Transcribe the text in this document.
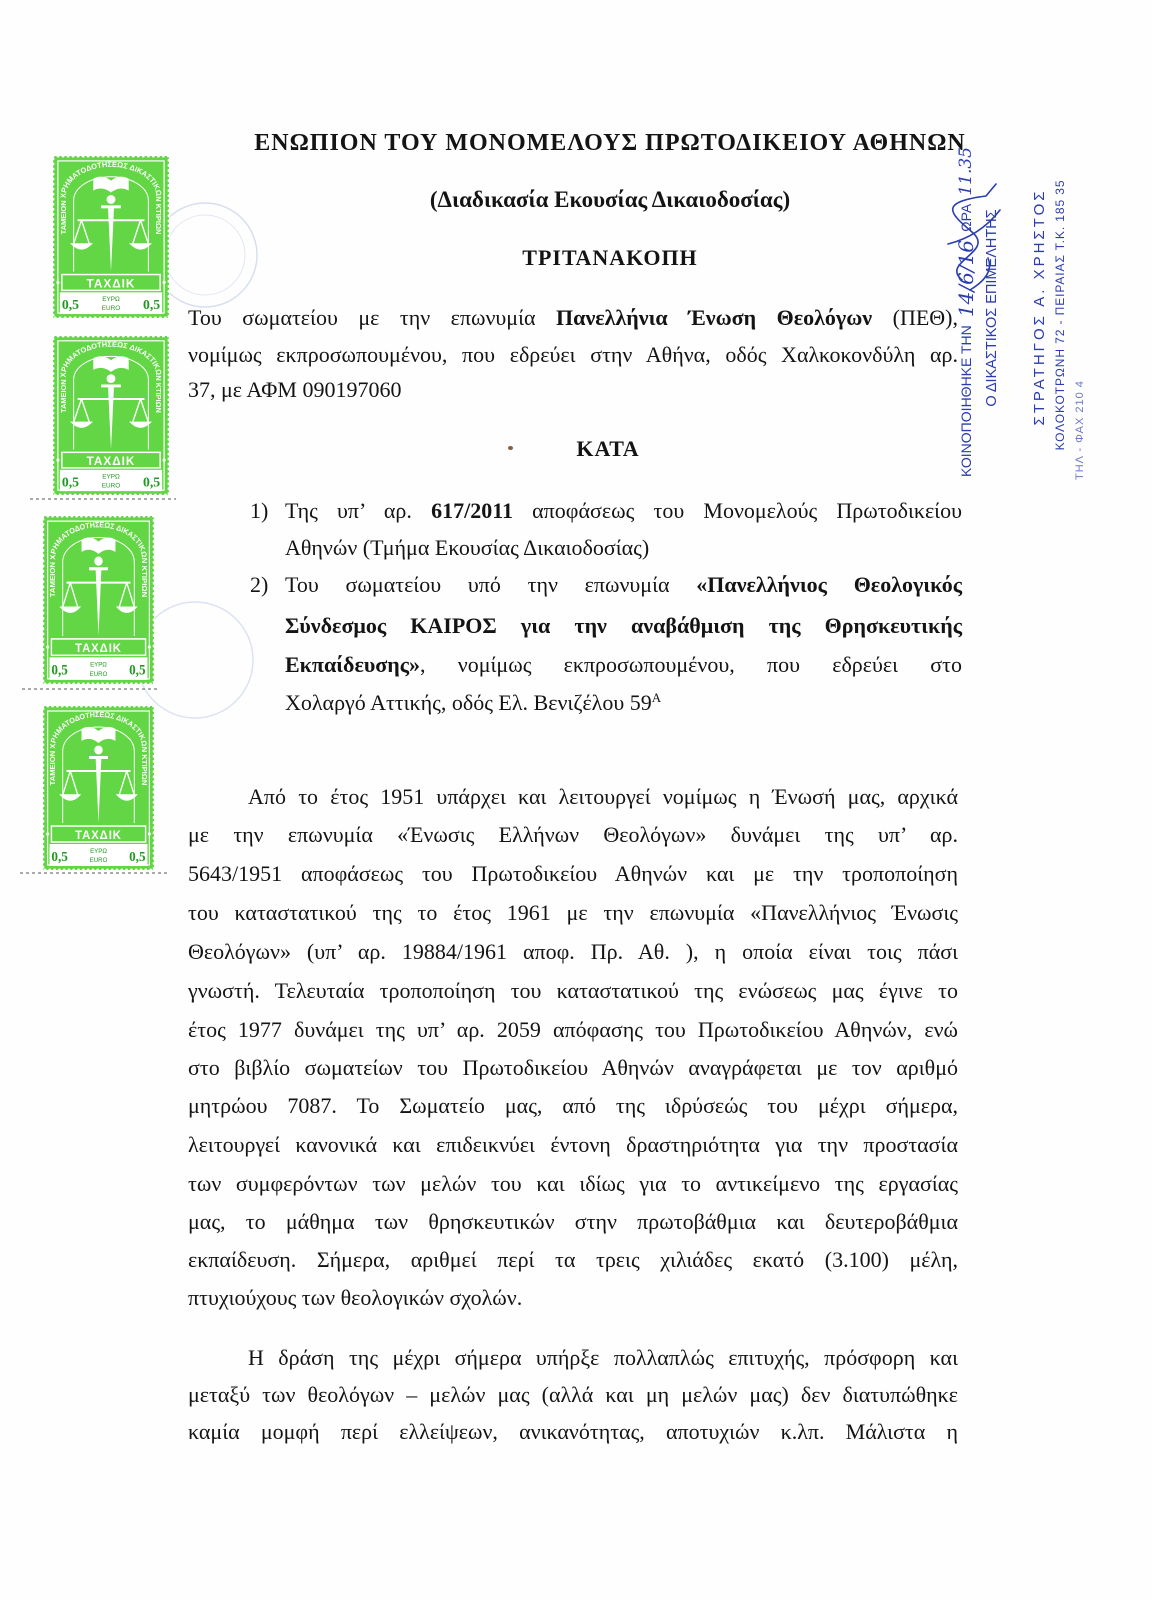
ΤΑΜΕΙΟΝ ΧΡΗΜΑΤΟΔΟΤΗΣΕΩΣ ΔΙΚΑΣΤΙΚΩΝ ΚΤΙΡΙΩΝ
ΤΑΧΔΙΚ
0,5	ΕΥΡΩ
EURO 0,5
ΤΑΜΕΙΟΝ ΧΡΗΜΑΤΟΔΟΤΗΣΕΩΣ ΔΙΚΑΣΤΙΚΩΝ ΚΤΙΡΙΩΝ
ΤΑΧΔΙΚ
0,5	ΕΥΡΩ
EURO 0,5
ΤΑΜΕΙΟΝ ΧΡΗΜΑΤΟΔΟΤΗΣΕΩΣ ΔΙΚΑΣΤΙΚΩΝ ΚΤΙΡΙΩΝ
ΤΑΧΔΙΚ
0,5	ΕΥΡΩ
EURO 0,5
ΤΑΜΕΙΟΝ ΧΡΗΜΑΤΟΔΟΤΗΣΕΩΣ ΔΙΚΑΣΤΙΚΩΝ ΚΤΙΡΙΩΝ
ΤΑΧΔΙΚ
0,5	ΕΥΡΩ
EURO 0,5
ΕΝΩΠΙΟΝ ΤΟΥ ΜΟΝΟΜΕΛΟΥΣ ΠΡΩΤΟΔΙΚΕΙΟΥ ΑΘΗΝΩΝ
(Διαδικασία Εκουσίας Δικαιοδοσίας)
ΤΡΙΤΑΝΑΚΟΠΗ
Του σωματείου με την επωνυμία Πανελλήνια Ένωση Θεολόγων (ΠΕΘ),
νομίμως εκπροσωπουμένου, που εδρεύει στην Αθήνα, οδός Χαλκοκονδύλη αρ.
37, με ΑΦΜ 090197060
ΚΑΤΑ
1) Της υπ’ αρ. 617/2011 αποφάσεως του Μονομελούς Πρωτοδικείου
Αθηνών (Τμήμα Εκουσίας Δικαιοδοσίας)
2) Του σωματείου υπό την επωνυμία «Πανελλήνιος Θεολογικός
Σύνδεσμος ΚΑΙΡΟΣ για την αναβάθμιση της Θρησκευτικής
Εκπαίδευσης», νομίμως εκπροσωπουμένου, που εδρεύει στο
Χολαργό Αττικής, οδός Ελ. Βενιζέλου $59^A$
Από το έτος 1951 υπάρχει και λειτουργεί νομίμως η Ένωσή μας, αρχικά
με την επωνυμία «Ένωσις Ελλήνων Θεολόγων» δυνάμει της υπ’ αρ.
5643/1951 αποφάσεως του Πρωτοδικείου Αθηνών και με την τροποποίηση
του καταστατικού της το έτος 1961 με την επωνυμία «Πανελλήνιος Ένωσις
Θεολόγων» (υπ’ αρ. 19884/1961 αποφ. Πρ. Αθ. ), η οποία είναι τοις πάσι
γνωστή. Τελευταία τροποποίηση του καταστατικού της ενώσεως μας έγινε το
έτος 1977 δυνάμει της υπ’ αρ. 2059 απόφασης του Πρωτοδικείου Αθηνών, ενώ
στο βιβλίο σωματείων του Πρωτοδικείου Αθηνών αναγράφεται με τον αριθμό
μητρώου 7087. Το Σωματείο μας, από της ιδρύσεώς του μέχρι σήμερα,
λειτουργεί κανονικά και επιδεικνύει έντονη δραστηριότητα για την προστασία
των συμφερόντων των μελών του και ιδίως για το αντικείμενο της εργασίας
μας, το μάθημα των θρησκευτικών στην πρωτοβάθμια και δευτεροβάθμια
εκπαίδευση. Σήμερα, αριθμεί περί τα τρεις χιλιάδες εκατό (3.100) μέλη,
πτυχιούχους των θεολογικών σχολών.
Η δράση της μέχρι σήμερα υπήρξε πολλαπλώς επιτυχής, πρόσφορη και
μεταξύ των θεολόγων – μελών μας (αλλά και μη μελών μας) δεν διατυπώθηκε
καμία μομφή περί ελλείψεων, ανικανότητας, αποτυχιών κ.λπ. Μάλιστα η
ΚΟΙΝΟΠΟΙΗΘΗΚΕ ΤΗΝ
14/6/16
ΩΡΑ
11.35
Ο ΔΙΚΑΣΤΙΚΟΣ ΕΠΙΜΕΛΗΤΗΣ ΣΤΡΑΤΗΓΟΣ Α. ΧΡΗΣΤΟΣ ΚΟΛΟΚΟΤΡΩΝΗ 72 - ΠΕΙΡΑΙΑΣ Τ.Κ. 185 35 ΤΗΛ - ΦΑΧ 210 4
